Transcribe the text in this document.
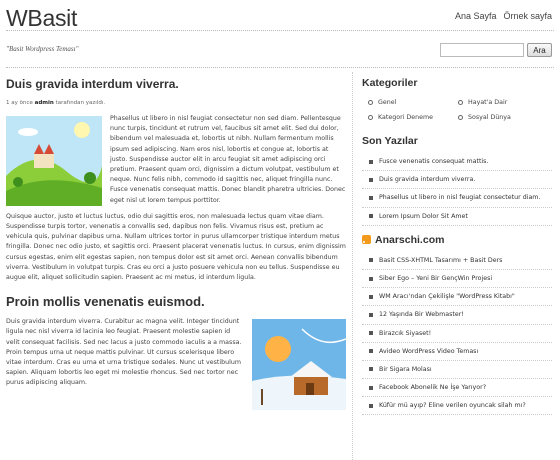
WBasit	Ana Sayfa Örnek sayfa
"Basit Wordpress Teması"	Ara
Duis gravida interdum viverra.
1 ay önce admin tarafından yazıldı.

Phasellus ut libero in nisl feugiat consectetur non sed diam. Pellentesque nunc turpis, tincidunt et rutrum vel, faucibus sit amet elit. Sed dui dolor, bibendum vel malesuada et, lobortis ut nibh. Nullam fermentum mollis ipsum sed adipiscing. Nam eros nisl, lobortis et congue at, lobortis at justo. Suspendisse auctor elit in arcu feugiat sit amet adipiscing orci pretium. Praesent quam orci, dignissim a dictum volutpat, vestibulum et neque. Nunc felis nibh, commodo id sagittis nec, aliquet fringilla nunc. Fusce venenatis consequat mattis. Donec blandit pharetra ultricies. Donec eget nisl ut lorem tempus porttitor.

Quisque auctor, justo et luctus luctus, odio dui sagittis eros, non malesuada lectus quam vitae diam. Suspendisse turpis tortor, venenatis a convallis sed, dapibus non felis. Vivamus risus est, pretium ac vehicula quis, pulvinar dapibus urna. Nullam ultrices tortor in purus ullamcorper tristique interdum metus fringilla. Donec nec odio justo, et sagittis orci. Praesent placerat venenatis luctus. In cursus, enim dignissim cursus egestas, enim elit egestas sapien, non tempus dolor est sit amet orci. Aenean convallis bibendum viverra. Vestibulum in volutpat turpis. Cras eu orci a justo posuere vehicula non eu tellus. Suspendisse eu augue elit, aliquet sollicitudin sapien. Praesent ac mi metus, id interdum ligula.

Proin mollis venenatis euismod.

Duis gravida interdum viverra. Curabitur ac magna velit. Integer tincidunt ligula nec nisl viverra id lacinia leo feugiat. Praesent molestie sapien id velit consequat facilisis. Sed nec lacus a justo commodo iaculis a a massa. Proin tempus urna ut neque mattis pulvinar. Ut cursus scelerisque libero vitae interdum. Cras eu urna et urna tristique sodales. Nunc ut vestibulum sapien. Aliquam lobortis leo eget mi molestie rhoncus. Sed nec tortor nec purus adipiscing aliquam.

Kategoriler
Genel	Hayat'a Dair
Kategori Deneme	Sosyal Dünya
Son Yazılar
Fusce venenatis consequat mattis.
Duis gravida interdum viverra.
Phasellus ut libero in nisl feugiat consectetur diam.
Lorem Ipsum Dolor Sit Amet
Anarschi.com
Basit CSS-XHTML Tasarımı + Basit Ders
Siber Ego – Yeni Bir GençWin Projesi
WM Aracı'ndan Çekilişle "WordPress Kitabı"
12 Yaşında Bir Webmaster!
Birazcık Siyaset!
Avideo WordPress Video Teması
Bir Sigara Molası
Facebook Abonelik Ne İşe Yarıyor?
Küfür mü ayıp? Eline verilen oyuncak silah mı?
